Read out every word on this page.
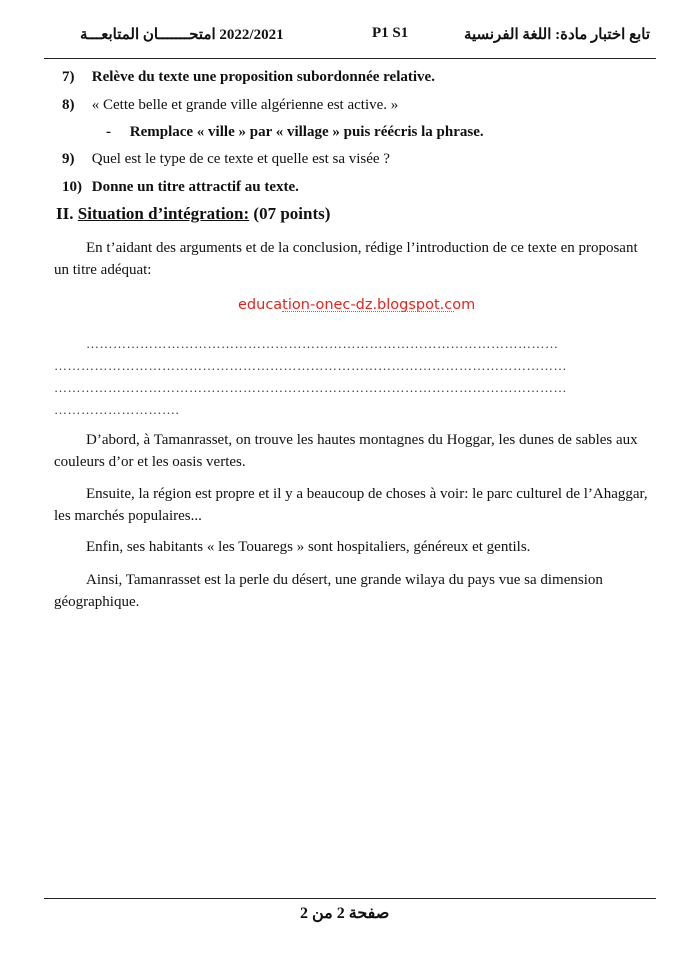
2022/2021 امتحـــــــان المتابعـــة	P1 S1	تابع اختبار مادة: اللغة الفرنسية
7) Relève du texte une proposition subordonnée relative.
8) « Cette belle et grande ville algérienne est active. »
- Remplace « ville » par « village » puis réécris la phrase.
9) Quel est le type de ce texte et quelle est sa visée ?
10) Donne un titre attractif au texte.
II. Situation d’intégration: (07 points)
En t’aidant des arguments et de la conclusion, rédige l’introduction de ce texte en proposant un titre adéquat:
education-onec-dz.blogspot.com
……………………………………………………………………………………………
……………………………………………………………………………………………………
……………………………………………………………………………………………………
……………………….
D’abord, à Tamanrasset, on trouve les hautes montagnes du Hoggar, les dunes de sables aux couleurs d’or et les oasis vertes.
Ensuite, la région est propre et il y a beaucoup de choses à voir: le parc culturel de l’Ahaggar, les marchés populaires...
Enfin, ses habitants « les Touaregs » sont hospitaliers, généreux et gentils.
Ainsi, Tamanrasset est la perle du désert, une grande wilaya du pays vue sa dimension géographique.
صفحة 2 من 2
